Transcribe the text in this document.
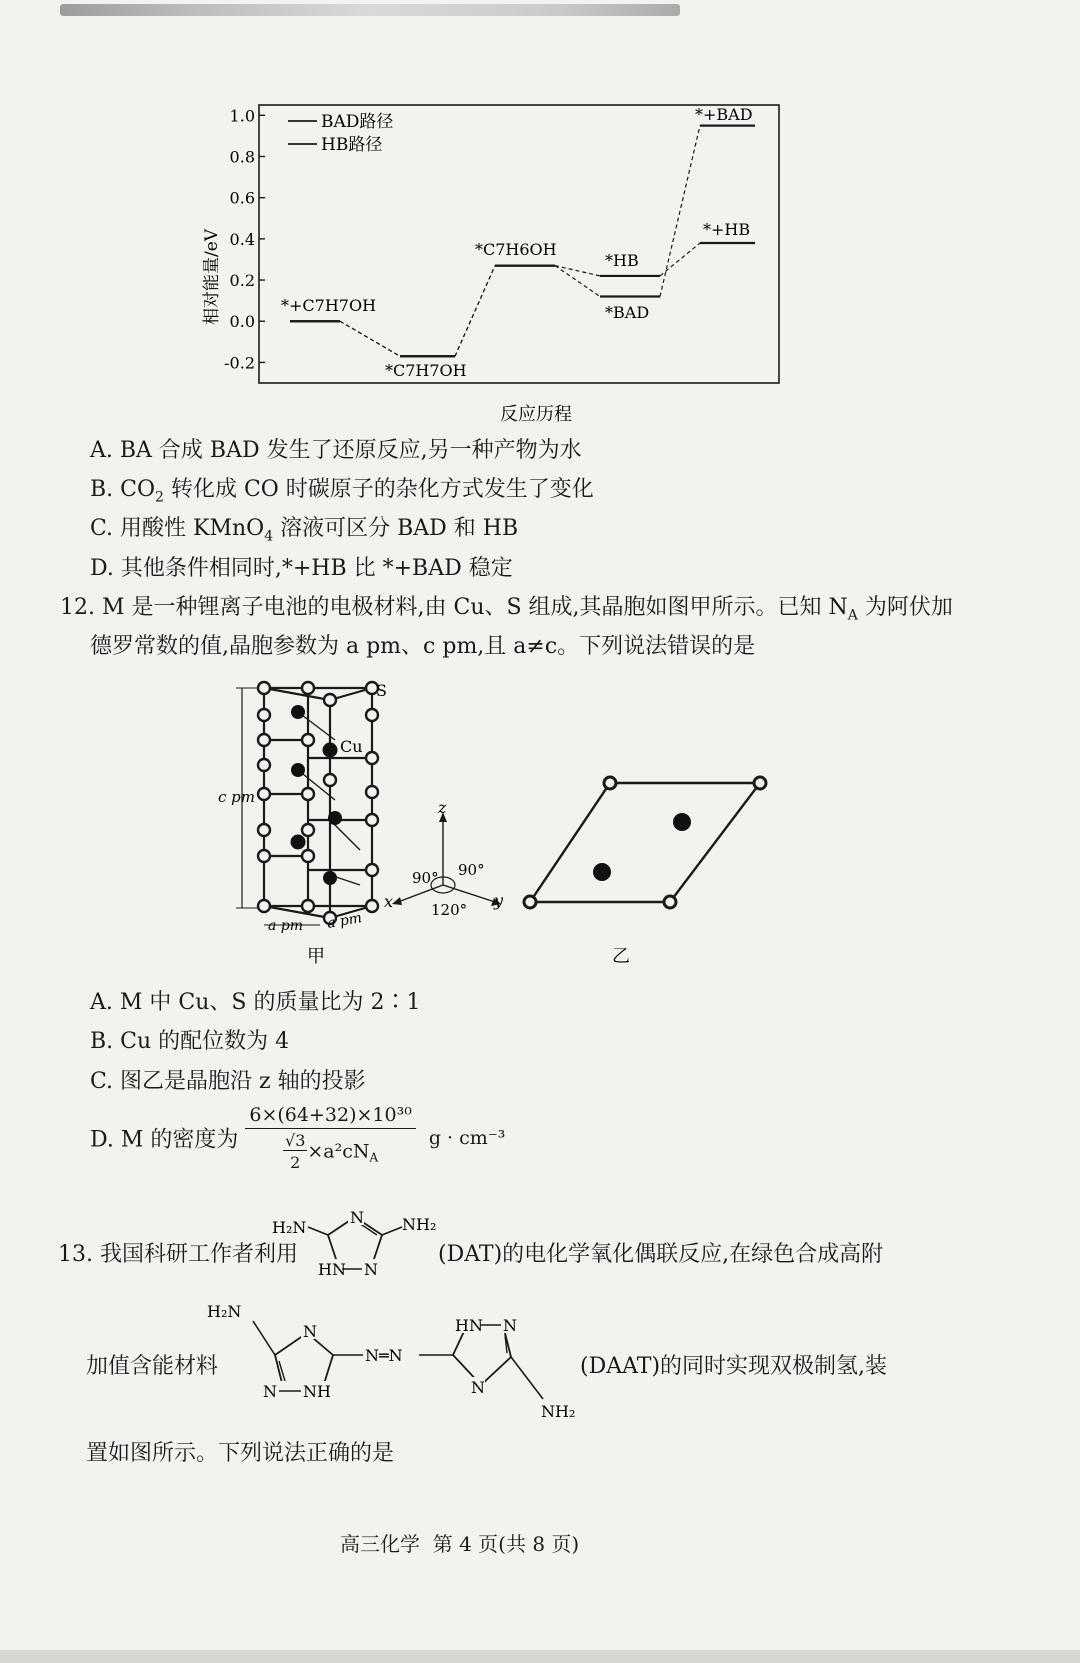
相对能量/eV
1.0
0.8
0.6
0.4
0.2
0.0
-0.2
BAD路径
HB路径
*+C7H7OH
*C7H7OH
*C7H6OH
*HB
*BAD
*+HB
*+BAD
反应历程
A. BA 合成 BAD 发生了还原反应,另一种产物为水
B. $CO_2$ 转化成 CO 时碳原子的杂化方式发生了变化
C. 用酸性 KMnO$_4$ 溶液可区分 BAD 和 HB
D. 其他条件相同时,*+HB 比 *+BAD 稳定
12. M 是一种锂离子电池的电极材料,由 Cu、S 组成,其晶胞如图甲所示。已知 $N_A$ 为阿伏加
德罗常数的值,晶胞参数为 a pm、c pm,且 a≠c。下列说法错误的是
c pm
S
Cu
a pm a pm
甲
z
x	y
90° 90°
120°
乙
A. M 中 Cu、S 的质量比为 2∶1
B. Cu 的配位数为 4
C. 图乙是晶胞沿 z 轴的投影
D. M 的密度为 $\frac{\text{6×(64+32)×10³⁰}}{\frac{√3}{2} \times a^2cN_A}$ g · cm⁻³
13. 我国科研工作者利用
H₂N
N NH₂
HN N
(DAT)的电化学氧化偶联反应,在绿色合成高附
加值含能材料
H₂N
N
N NH
N═N
HN N
N
NH₂
(DAAT)的同时实现双极制氢,装
置如图所示。下列说法正确的是
高三化学  第 4 页(共 8 页)
